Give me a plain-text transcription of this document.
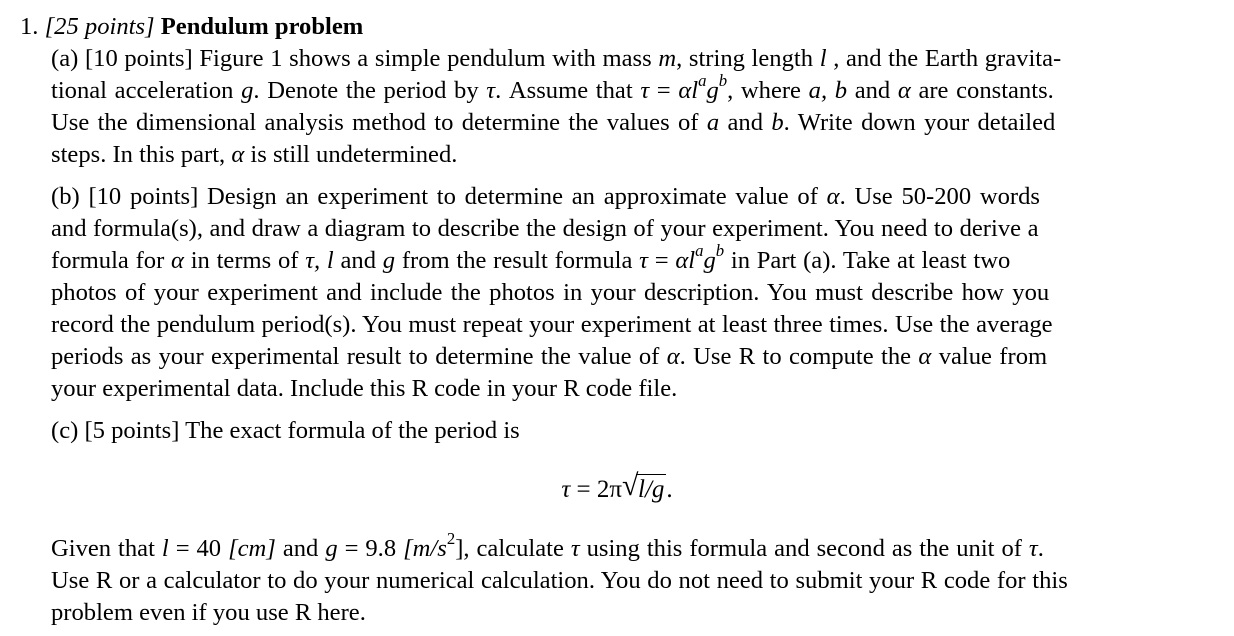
1. [25 points] Pendulum problem
(a) [10 points] Figure 1 shows a simple pendulum with mass m, string length l , and the Earth gravita-
tional acceleration g. Denote the period by τ. Assume that $\tau = \alpha l^ag^b$, where a, b and α are constants.
Use the dimensional analysis method to determine the values of a and b. Write down your detailed
steps. In this part, α is still undetermined.
(b) [10 points] Design an experiment to determine an approximate value of α. Use 50-200 words
and formula(s), and draw a diagram to describe the design of your experiment. You need to derive a
formula for α in terms of τ, l and g from the result formula $\tau = \alpha l^ag^b$ in Part (a). Take at least two
photos of your experiment and include the photos in your description. You must describe how you
record the pendulum period(s). You must repeat your experiment at least three times. Use the average
periods as your experimental result to determine the value of α. Use R to compute the α value from
your experimental data. Include this R code in your R code file.
(c) [5 points] The exact formula of the period is
τ = 2π √ l/g.
Given that l = 40 [cm] and g = 9.8 $[m/s^2]$, calculate τ using this formula and second as the unit of τ.
Use R or a calculator to do your numerical calculation. You do not need to submit your R code for this
problem even if you use R here.
